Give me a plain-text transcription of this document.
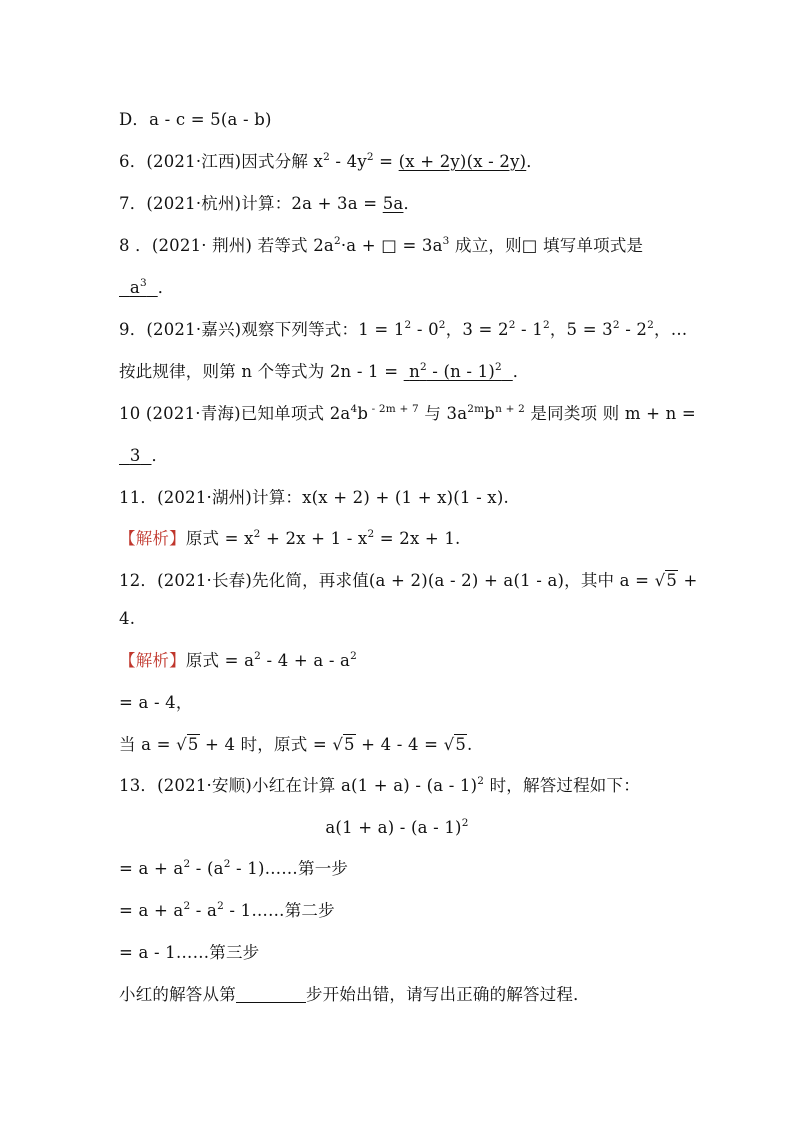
D．a - c = 5(a - b)
6．(2021·江西)因式分解 $x^2 - 4y^2 = (x + 2y)(x - 2y)$．
7．(2021·杭州)计算：2a + 3a = 5a．
8 ．(2021· 荆州) 若等式 $2a^2\cdot a$ + □ = $3a^3$ 成立，则□ 填写单项式是
$a^3$ ．
9．(2021·嘉兴)观察下列等式：$1 = 1^2 - 0^2$，$3 = 2^2 - 1^2$，$5 = 3^2 - 2^2$，…
按此规律，则第 n 个等式为 $2n - 1 = n^2 - (n - 1)^2$ ．
10 (2021·青海)已知单项式 $2a^4b$ $^{- 2m + 7}$ 与 $3a^{2m}b^{n + 2}$ 是同类项 则 m + n =
3 ．
11．(2021·湖州)计算：x(x + 2) + (1 + x)(1 - x).
【解析】原式 = $x^2 + 2x + 1 - x^2 = 2x + 1$.
12．(2021·长春)先化简，再求值(a + 2)(a - 2) + a(1 - a)，其中 a = √5 +
4.
【解析】原式 = $a^2 - 4 + a - a^2$
= a - 4，
当 a = √5 + 4 时，原式 = √5 + 4 - 4 = √5.
13．(2021·安顺)小红在计算 a(1 + a) - (a - 1)$^2$ 时，解答过程如下：
a(1 + a) - (a - 1)$^2$
= $a + a^2 - (a^2$ - 1)……第一步
= $a + a^2 - a^2$ - 1……第二步
= a - 1……第三步
小红的解答从第	步开始出错，请写出正确的解答过程．
